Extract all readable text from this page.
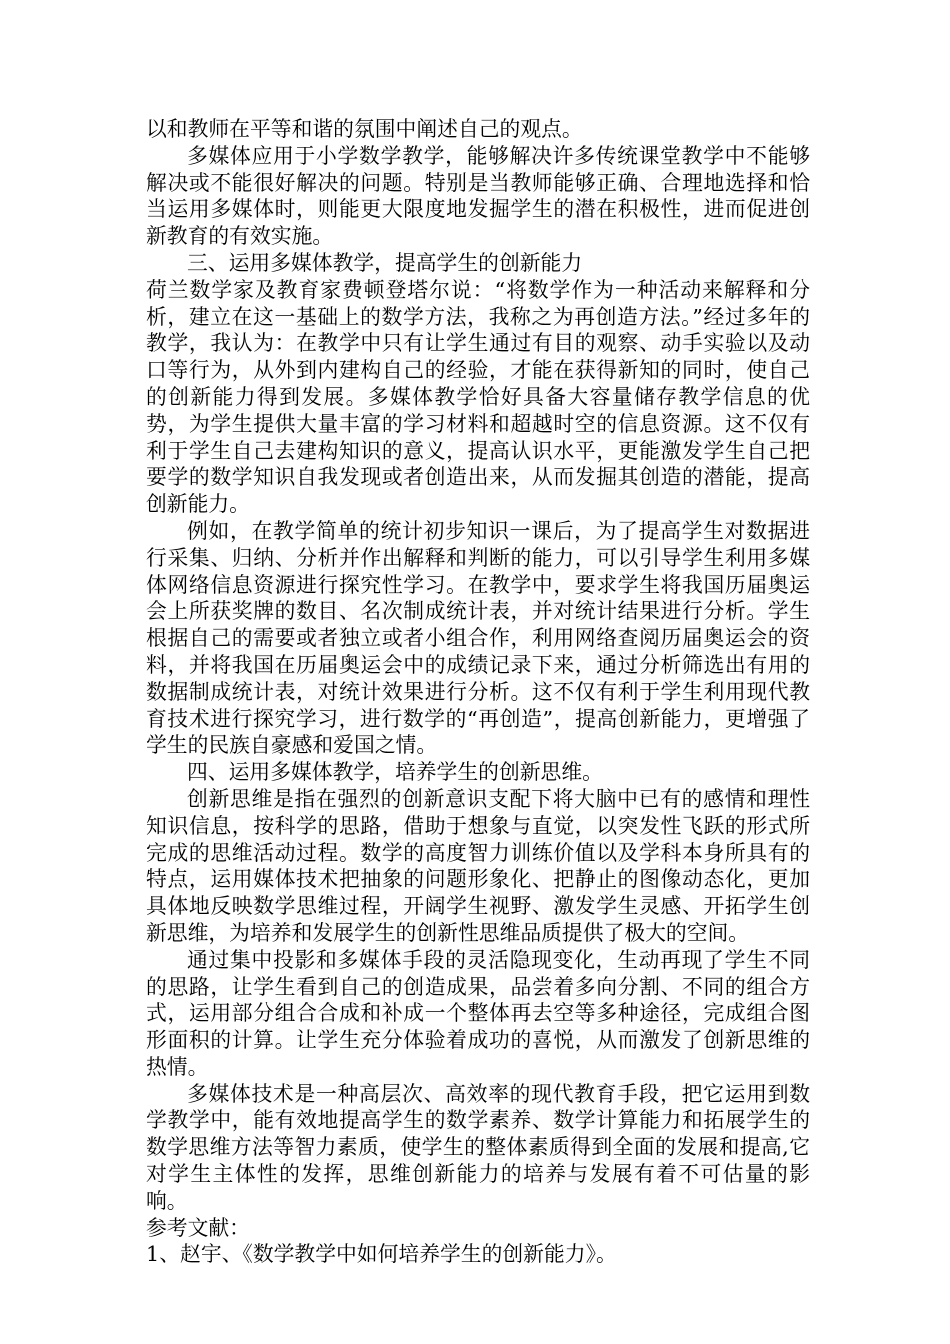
以和教师在平等和谐的氛围中阐述自己的观点。

多媒体应用于小学数学教学，能够解决许多传统课堂教学中不能够解决或不能很好解决的问题。特别是当教师能够正确、合理地选择和恰当运用多媒体时，则能更大限度地发掘学生的潜在积极性，进而促进创新教育的有效实施。

三、运用多媒体教学，提高学生的创新能力

荷兰数学家及教育家费顿登塔尔说：“将数学作为一种活动来解释和分析，建立在这一基础上的数学方法，我称之为再创造方法。”经过多年的教学，我认为：在教学中只有让学生通过有目的观察、动手实验以及动口等行为，从外到内建构自己的经验，才能在获得新知的同时，使自己的创新能力得到发展。多媒体教学恰好具备大容量储存教学信息的优势，为学生提供大量丰富的学习材料和超越时空的信息资源。这不仅有利于学生自己去建构知识的意义，提高认识水平，更能激发学生自己把要学的数学知识自我发现或者创造出来，从而发掘其创造的潜能，提高创新能力。

例如，在教学简单的统计初步知识一课后，为了提高学生对数据进行采集、归纳、分析并作出解释和判断的能力，可以引导学生利用多媒体网络信息资源进行探究性学习。在教学中，要求学生将我国历届奥运会上所获奖牌的数目、名次制成统计表，并对统计结果进行分析。学生根据自己的需要或者独立或者小组合作，利用网络查阅历届奥运会的资料，并将我国在历届奥运会中的成绩记录下来，通过分析筛选出有用的数据制成统计表，对统计效果进行分析。这不仅有利于学生利用现代教育技术进行探究学习，进行数学的“再创造”，提高创新能力，更增强了学生的民族自豪感和爱国之情。

四、运用多媒体教学，培养学生的创新思维。

创新思维是指在强烈的创新意识支配下将大脑中已有的感情和理性知识信息，按科学的思路，借助于想象与直觉，以突发性飞跃的形式所完成的思维活动过程。数学的高度智力训练价值以及学科本身所具有的特点，运用媒体技术把抽象的问题形象化、把静止的图像动态化，更加具体地反映数学思维过程，开阔学生视野、激发学生灵感、开拓学生创新思维，为培养和发展学生的创新性思维品质提供了极大的空间。

通过集中投影和多媒体手段的灵活隐现变化，生动再现了学生不同的思路，让学生看到自己的创造成果，品尝着多向分割、不同的组合方式，运用部分组合合成和补成一个整体再去空等多种途径，完成组合图形面积的计算。让学生充分体验着成功的喜悦，从而激发了创新思维的热情。

多媒体技术是一种高层次、高效率的现代教育手段，把它运用到数学教学中，能有效地提高学生的数学素养、数学计算能力和拓展学生的数学思维方法等智力素质，使学生的整体素质得到全面的发展和提高,它对学生主体性的发挥，思维创新能力的培养与发展有着不可估量的影响。

参考文献：

1、赵宇、《数学教学中如何培养学生的创新能力》。
